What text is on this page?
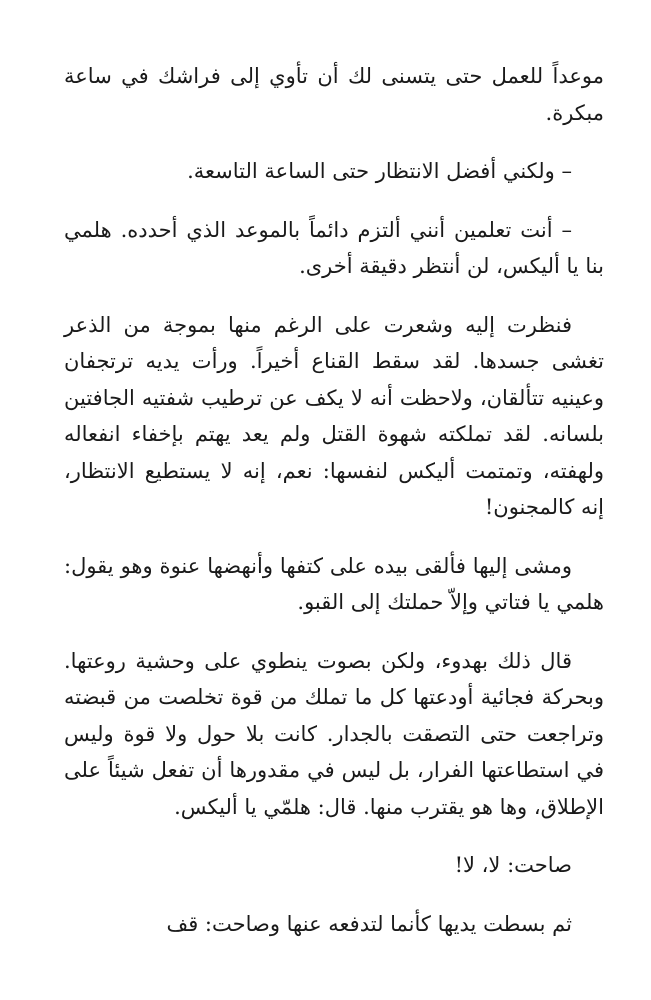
موعداً للعمل حتى يتسنى لك أن تأوي إلى فراشك في ساعة مبكرة.

– ولكني أفضل الانتظار حتى الساعة التاسعة.

– أنت تعلمين أنني ألتزم دائماً بالموعد الذي أحدده. هلمي بنا يا أليكس، لن أنتظر دقيقة أخرى.

فنظرت إليه وشعرت على الرغم منها بموجة من الذعر تغشى جسدها. لقد سقط القناع أخيراً. ورأت يديه ترتجفان وعينيه تتألقان، ولاحظت أنه لا يكف عن ترطيب شفتيه الجافتين بلسانه. لقد تملكته شهوة القتل ولم يعد يهتم بإخفاء انفعاله ولهفته، وتمتمت أليكس لنفسها: نعم، إنه لا يستطيع الانتظار، إنه كالمجنون!

ومشى إليها فألقى بيده على كتفها وأنهضها عنوة وهو يقول: هلمي يا فتاتي وإلاّ حملتك إلى القبو.

قال ذلك بهدوء، ولكن بصوت ينطوي على وحشية روعتها. وبحركة فجائية أودعتها كل ما تملك من قوة تخلصت من قبضته وتراجعت حتى التصقت بالجدار. كانت بلا حول ولا قوة وليس في استطاعتها الفرار، بل ليس في مقدورها أن تفعل شيئاً على الإطلاق، وها هو يقترب منها. قال: هلمّي يا أليكس.

صاحت: لا، لا!

ثم بسطت يديها كأنما لتدفعه عنها وصاحت: قف
